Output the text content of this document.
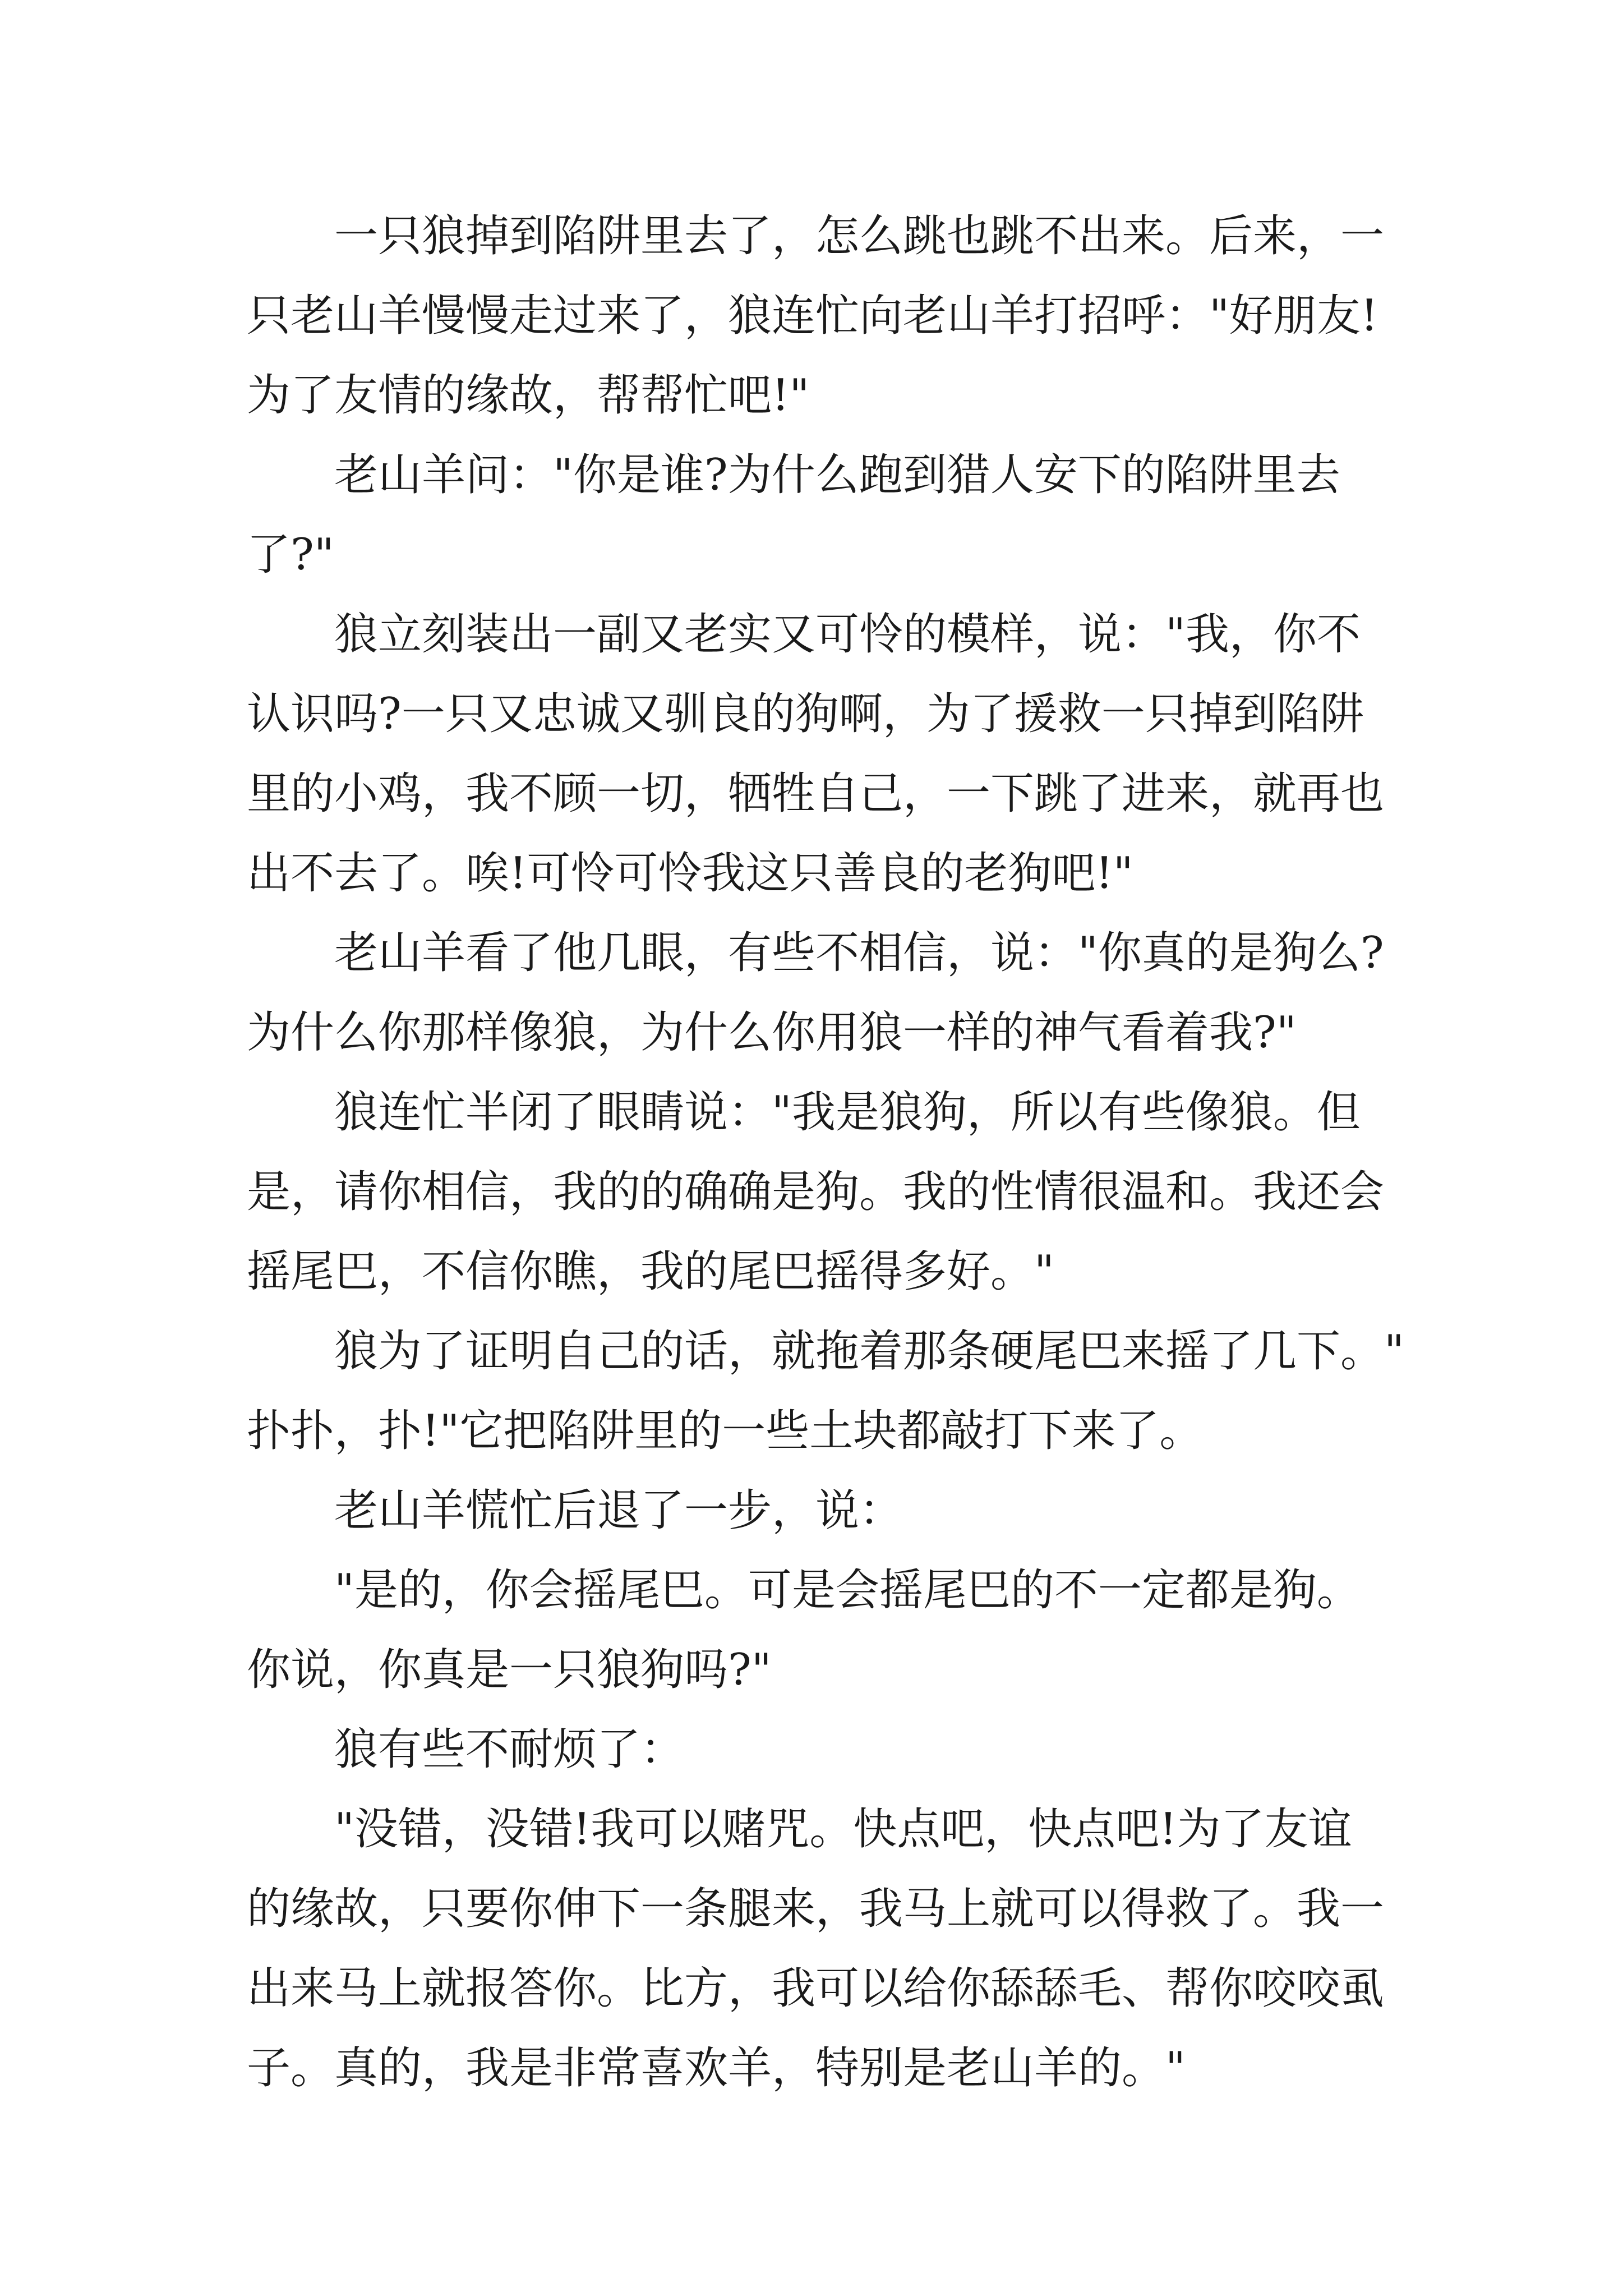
一只狼掉到陷阱里去了，怎么跳也跳不出来。后来，一
只老山羊慢慢走过来了，狼连忙向老山羊打招呼："好朋友!
为了友情的缘故，帮帮忙吧!"
老山羊问："你是谁?为什么跑到猎人安下的陷阱里去
了?"
狼立刻装出一副又老实又可怜的模样，说："我，你不
认识吗?一只又忠诚又驯良的狗啊，为了援救一只掉到陷阱
里的小鸡，我不顾一切，牺牲自己，一下跳了进来，就再也
出不去了。唉!可怜可怜我这只善良的老狗吧!"
老山羊看了他几眼，有些不相信，说："你真的是狗么?
为什么你那样像狼，为什么你用狼一样的神气看着我?"
狼连忙半闭了眼睛说："我是狼狗，所以有些像狼。但
是，请你相信，我的的确确是狗。我的性情很温和。我还会
摇尾巴，不信你瞧，我的尾巴摇得多好。"
狼为了证明自己的话，就拖着那条硬尾巴来摇了几下。"
扑扑，扑!"它把陷阱里的一些土块都敲打下来了。
老山羊慌忙后退了一步，说：
"是的，你会摇尾巴。可是会摇尾巴的不一定都是狗。
你说，你真是一只狼狗吗?"
狼有些不耐烦了：
"没错，没错!我可以赌咒。快点吧，快点吧!为了友谊
的缘故，只要你伸下一条腿来，我马上就可以得救了。我一
出来马上就报答你。比方，我可以给你舔舔毛、帮你咬咬虱
子。真的，我是非常喜欢羊，特别是老山羊的。"
